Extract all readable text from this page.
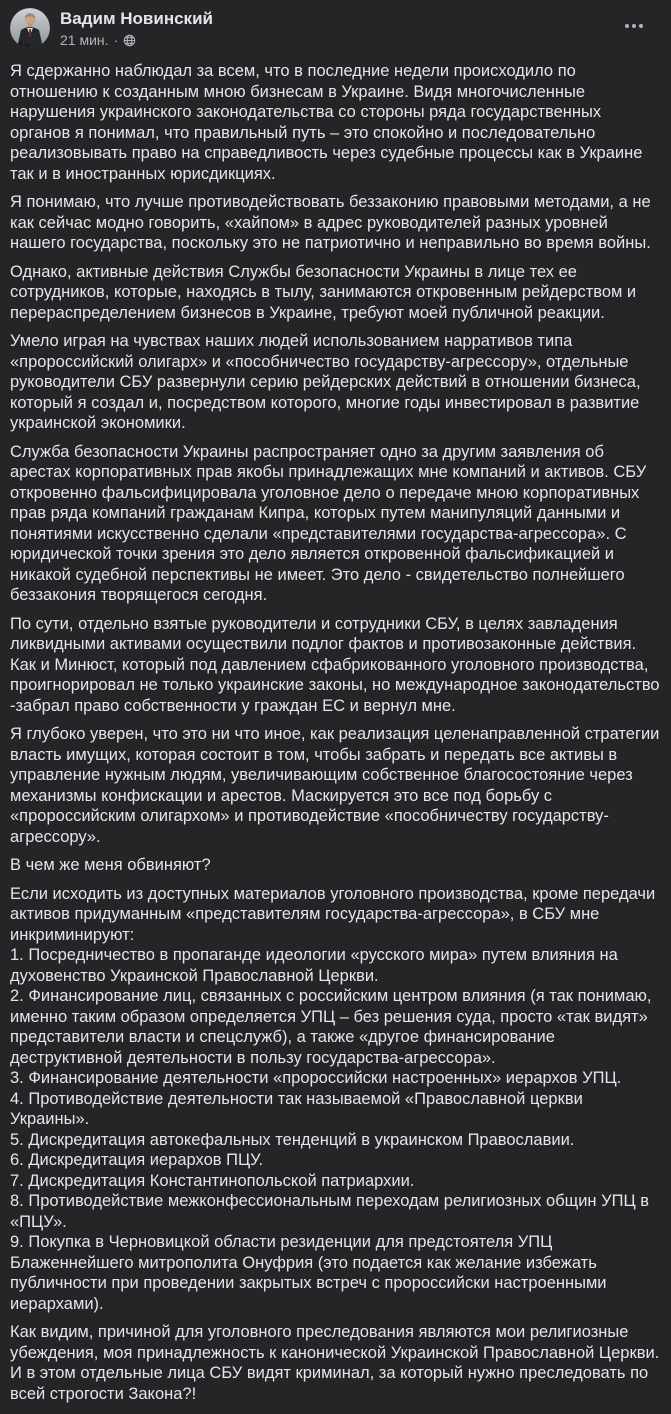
Вадим Новинский
21 мин. ·

Я сдержанно наблюдал за всем, что в последние недели происходило по отношению к созданным мною бизнесам в Украине. Видя многочисленные нарушения украинского законодательства со стороны ряда государственных органов я понимал, что правильный путь – это спокойно и последовательно реализовывать право на справедливость через судебные процессы как в Украине так и в иностранных юрисдикциях.

Я понимаю, что лучше противодействовать беззаконию правовыми методами, а не как сейчас модно говорить, «хайпом» в адрес руководителей разных уровней нашего государства, поскольку это не патриотично и неправильно во время войны.

Однако, активные действия Службы безопасности Украины в лице тех ее сотрудников, которые, находясь в тылу, занимаются откровенным рейдерством и перераспределением бизнесов в Украине, требуют моей публичной реакции.

Умело играя на чувствах наших людей использованием нарративов типа «пророссийский олигарх» и «пособничество государству-агрессору», отдельные руководители СБУ развернули серию рейдерских действий в отношении бизнеса, который я создал и, посредством которого, многие годы инвестировал в развитие украинской экономики.

Служба безопасности Украины распространяет одно за другим заявления об арестах корпоративных прав якобы принадлежащих мне компаний и активов. СБУ откровенно фальсифицировала уголовное дело о передаче мною корпоративных прав ряда компаний гражданам Кипра, которых путем манипуляций данными и понятиями искусственно сделали «представителями государства-агрессора». С юридической точки зрения это дело является откровенной фальсификацией и никакой судебной перспективы не имеет. Это дело - свидетельство полнейшего беззакония творящегося сегодня.

По сути, отдельно взятые руководители и сотрудники СБУ, в целях завладения ликвидными активами осуществили подлог фактов и противозаконные действия. Как и Минюст, который под давлением сфабрикованного уголовного производства, проигнорировал не только украинские законы, но международное законодательство -забрал право собственности у граждан ЕС и вернул мне.

Я глубоко уверен, что это ни что иное, как реализация целенаправленной стратегии власть имущих, которая состоит в том, чтобы забрать и передать все активы в управление нужным людям, увеличивающим собственное благосостояние через механизмы конфискации и арестов. Маскируется это все под борьбу с «пророссийским олигархом» и противодействие «пособничеству государству-агрессору».

В чем же меня обвиняют?

Если исходить из доступных материалов уголовного производства, кроме передачи активов придуманным «представителям государства-агрессора», в СБУ мне инкриминируют:

1. Посредничество в пропаганде идеологии «русского мира» путем влияния на духовенство Украинской Православной Церкви.
2. Финансирование лиц, связанных с российским центром влияния (я так понимаю, именно таким образом определяется УПЦ – без решения суда, просто «так видят» представители власти и спецслужб), а также «другое финансирование деструктивной деятельности в пользу государства-агрессора».
3. Финансирование деятельности «пророссийски настроенных» иерархов УПЦ.
4. Противодействие деятельности так называемой «Православной церкви Украины».
5. Дискредитация автокефальных тенденций в украинском Православии.
6. Дискредитация иерархов ПЦУ.
7. Дискредитация Константинопольской патриархии.
8. Противодействие межконфессиональным переходам религиозных общин УПЦ в «ПЦУ».
9. Покупка в Черновицкой области резиденции для предстоятеля УПЦ Блаженнейшего митрополита Онуфрия (это подается как желание избежать публичности при проведении закрытых встреч с пророссийски настроенными иерархами).

Как видим, причиной для уголовного преследования являются мои религиозные убеждения, моя принадлежность к канонической Украинской Православной Церкви. И в этом отдельные лица СБУ видят криминал, за который нужно преследовать по всей строгости Закона?!
